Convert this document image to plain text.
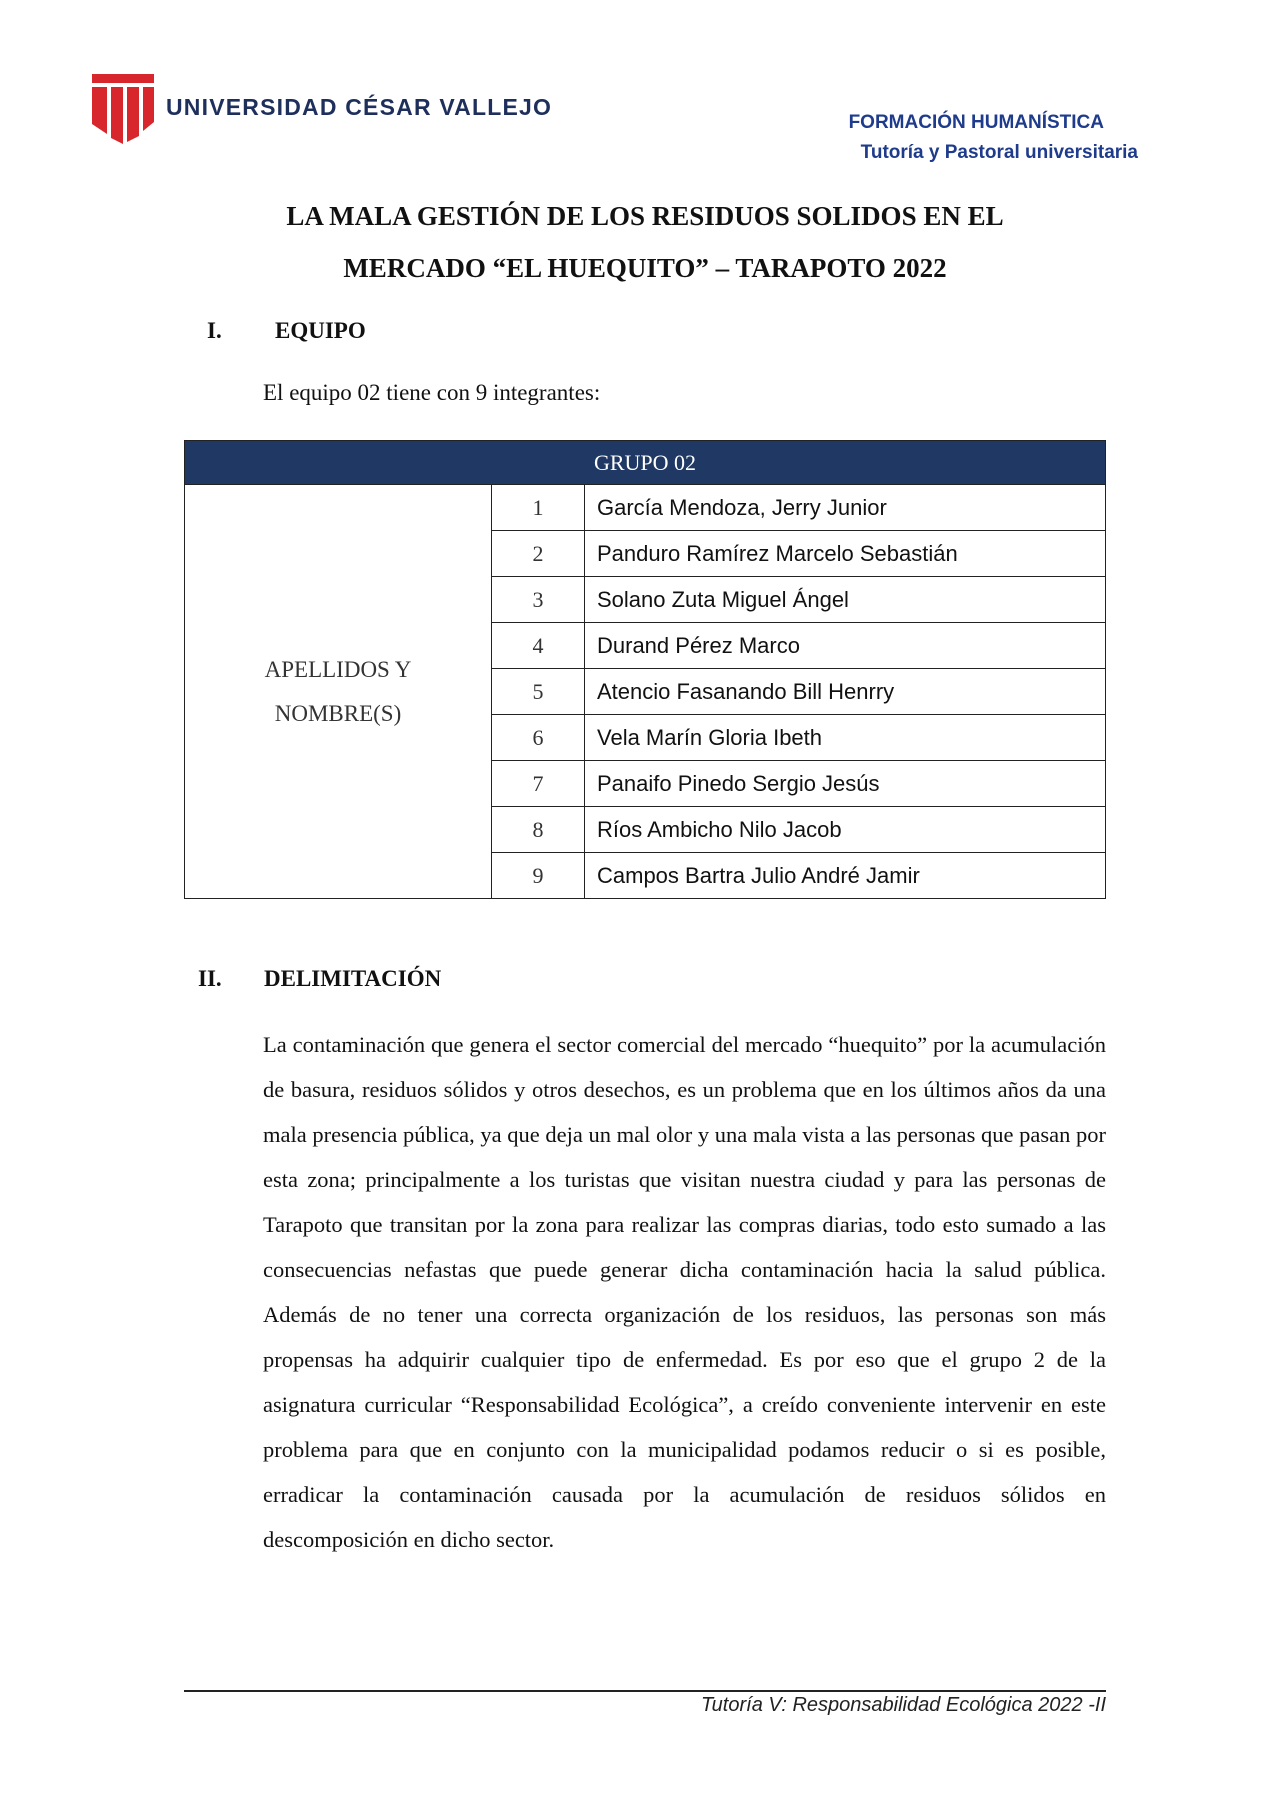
UNIVERSIDAD CÉSAR VALLEJO
FORMACIÓN HUMANÍSTICA
Tutoría y Pastoral universitaria
LA MALA GESTIÓN DE LOS RESIDUOS SOLIDOS EN EL
MERCADO “EL HUEQUITO” – TARAPOTO 2022
I. EQUIPO
El equipo 02 tiene con 9 integrantes:
GRUPO 02		

APELLIDOS Y
NOMBRE(S)	1	García Mendoza, Jerry Junior
	2	Panduro Ramírez Marcelo Sebastián
	3	Solano Zuta Miguel Ángel
	4	Durand Pérez Marco
	5	Atencio Fasanando Bill Henrry
	6	Vela Marín Gloria Ibeth
	7	Panaifo Pinedo Sergio Jesús
	8	Ríos Ambicho Nilo Jacob
	9	Campos Bartra Julio André Jamir
II. DELIMITACIÓN
La contaminación que genera el sector comercial del mercado “huequito” por la acumulación de basura, residuos sólidos y otros desechos, es un problema que en los últimos años da una mala presencia pública, ya que deja un mal olor y una mala vista a las personas que pasan por esta zona; principalmente a los turistas que visitan nuestra ciudad y para las personas de Tarapoto que transitan por la zona para realizar las compras diarias, todo esto sumado a las consecuencias nefastas que puede generar dicha contaminación hacia la salud pública. Además de no tener una correcta organización de los residuos, las personas son más propensas ha adquirir cualquier tipo de enfermedad. Es por eso que el grupo 2 de la asignatura curricular “Responsabilidad Ecológica”, a creído conveniente intervenir en este problema para que en conjunto con la municipalidad podamos reducir o si es posible, erradicar la contaminación causada por la acumulación de residuos sólidos en descomposición en dicho sector.
Tutoría V: Responsabilidad Ecológica 2022 -II
